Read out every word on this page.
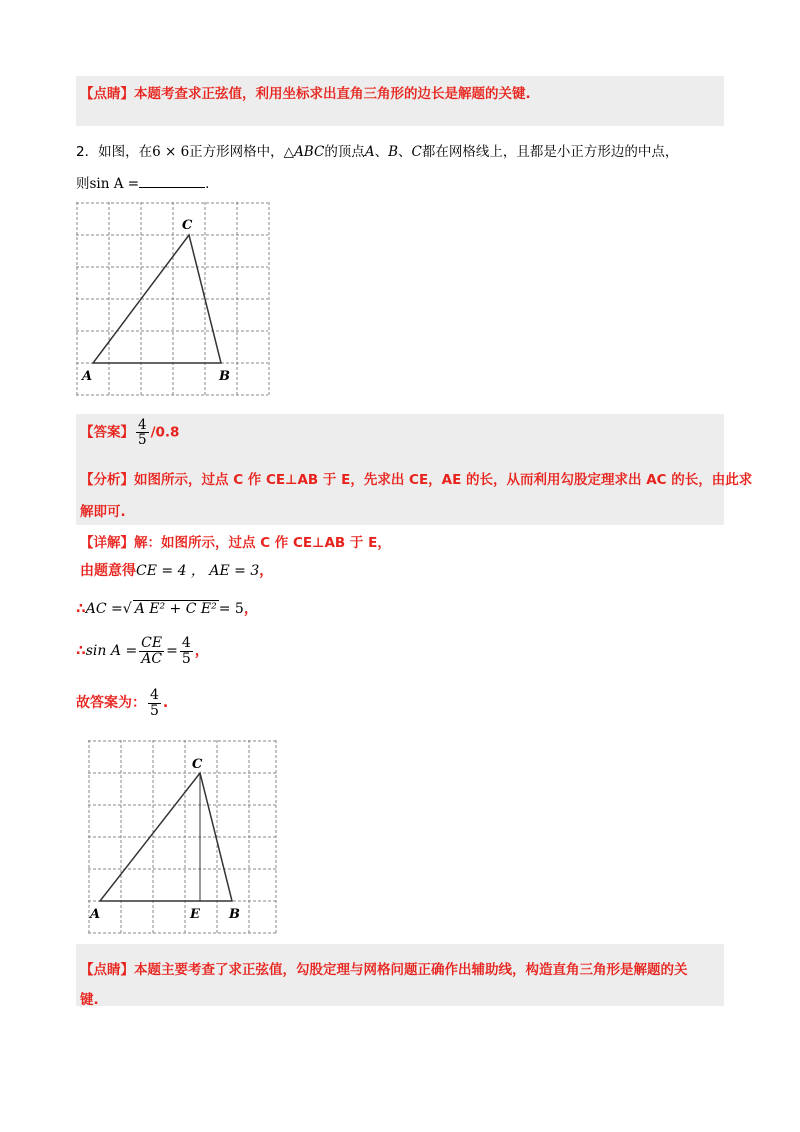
【点睛】本题考查求正弦值，利用坐标求出直角三角形的边长是解题的关键.
2．如图，在6 × 6正方形网格中，△ABC的顶点A、B、C都在网格线上，且都是小正方形边的中点，
则sin A =	.
A	B
C
【答案】 $\frac{4}{5} /0.8$
【分析】如图所示，过点 C 作 CE⊥AB 于 E，先求出 CE，AE 的长，从而利用勾股定理求出 AC 的长，由此求
解即可.
【详解】解：如图所示，过点 C 作 CE⊥AB 于 E，
由题意得CE = 4 ， AE = 3，
∴AC =√ A E² + C E² = 5，
∴sin $A = \frac{CE}{AC} = \frac{4}{5}$ ，
故答案为： $\frac{4}{5}$ .
A	E B
C
【点睛】本题主要考查了求正弦值，勾股定理与网格问题正确作出辅助线，构造直角三角形是解题的关
键.
